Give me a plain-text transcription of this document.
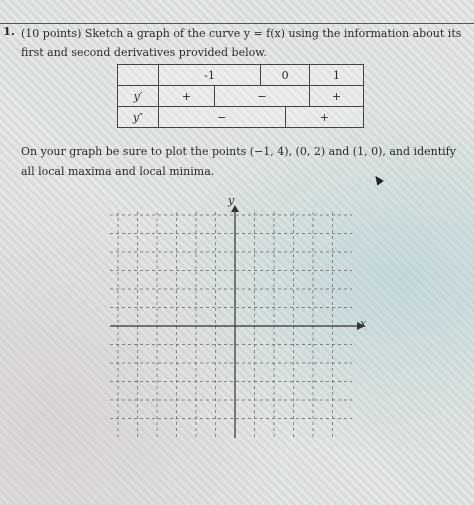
1. (10 points) Sketch a graph of the curve y = f(x) using the information about its first and second derivatives provided below.
	-1		0		1
y′	+	−			+
y″	−			+	
On your graph be sure to plot the points (−1, 4), (0, 2) and (1, 0), and identify all local maxima and local minima.
x
y
